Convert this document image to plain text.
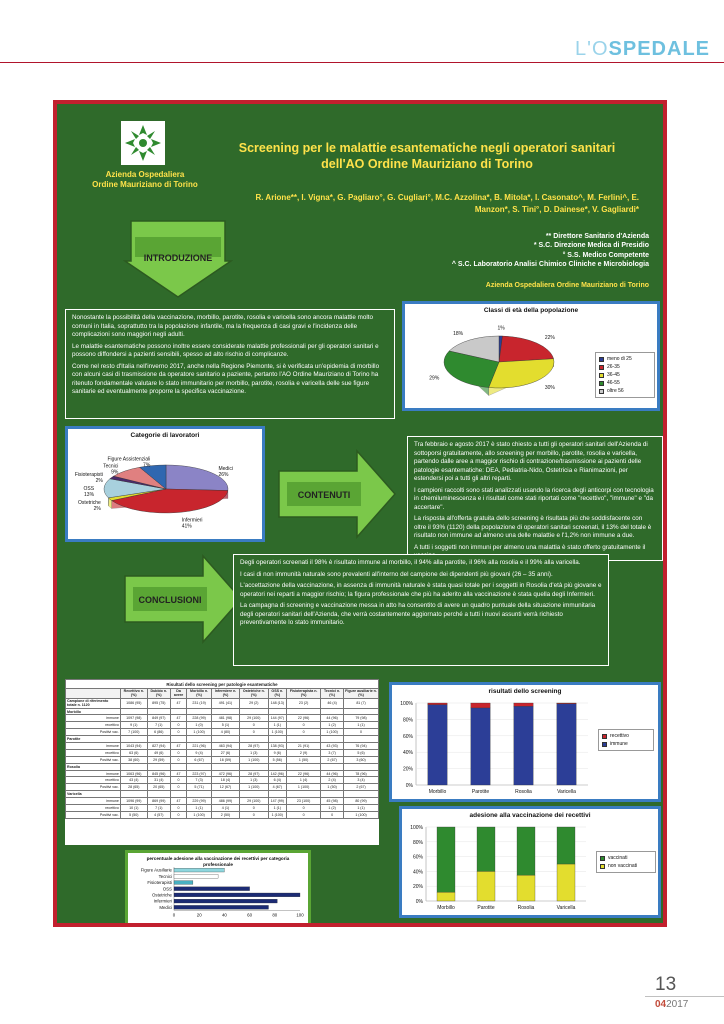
L'OSPEDALE
Azienda Ospedaliera
Ordine Mauriziano di Torino
Screening per le malattie esantematiche negli operatori sanitari
dell'AO Ordine Mauriziano di Torino
R. Arione**, I. Vigna*, G. Pagliaro°, G. Cugliari°, M.C. Azzolina*, B. Mitola*, I. Casonato^, M. Ferlini^, E. Manzon*, S. Tini°, D. Dainese*, V. Gagliardi*
** Direttore Sanitario d'Azienda
* S.C. Direzione Medica di Presidio
° S.S. Medico Competente
^ S.C. Laboratorio Analisi Chimico Cliniche e Microbiologia
Azienda Ospedaliera Ordine Mauriziano di Torino
INTRODUZIONE

Nonostante la possibilità della vaccinazione, morbillo, parotite, rosolia e varicella sono ancora malattie molto comuni in Italia, soprattutto tra la popolazione infantile, ma la frequenza di casi gravi e l'incidenza delle complicazioni sono maggiori negli adulti.

Le malattie esantematiche possono inoltre essere considerate malattie professionali per gli operatori sanitari e possono diffondersi a pazienti sensibili, spesso ad alto rischio di complicanze.

Come nel resto d'Italia nell'inverno 2017, anche nella Regione Piemonte, si è verificata un'epidemia di morbillo con alcuni casi di trasmissione da operatore sanitario a paziente, pertanto l'AO Ordine Mauriziano di Torino ha ritenuto fondamentale valutare lo stato immunitario per morbillo, parotite, rosolia e varicella delle sue figure sanitarie ed eventualmente proporre la specifica vaccinazione.

Classi di età della popolazione
1%
22%
30%
29%
18%
meno di 25
26-35
36-45
46-55
oltre 56
Categorie di lavoratori
Medici
26%
Infermieri
41%
Ostetriche
2%
OSS
13%
Fisioterapisti
2%
Tecnici
9%
Figure Assistenziali
7%
CONTENUTI

Tra febbraio e agosto 2017 è stato chiesto a tutti gli operatori sanitari dell'Azienda di sottoporsi gratuitamente, allo screening per morbillo, parotite, rosolia e varicella, partendo dalle aree a maggior rischio di contrazione/trasmissione ai pazienti delle patologie esantematiche: DEA, Pediatria-Nido, Ostetricia e Rianimazioni, per estendersi poi a tutti gli altri reparti.

I campioni raccolti sono stati analizzati usando la ricerca degli anticorpi con tecnologia in chemiluminescenza e i risultati come stati riportati come "recettivo", "immune" e "da accertare".

La risposta all'offerta gratuita dello screening è risultata più che soddisfacente con oltre il 93% (1120) della popolazione di operatori sanitari screenati, il 13% del totale è risultato non immune ad almeno una delle malattie e l'1,2% non immune a due.

A tutti i soggetti non immuni per almeno una malattia è stato offerto gratuitamente il

CONCLUSIONI

Degli operatori screenati il 98% è risultato immune al morbillo, il 94% alla parotite, il 96% alla rosolia e il 99% alla varicella.

I casi di non immunità naturale sono prevalenti all'interno del campione dei dipendenti più giovani (26 – 35 anni).

L'accettazione della vaccinazione, in assenza di immunità naturale è stata quasi totale per i soggetti in Rosolia d'età più giovane e operatori nei reparti a maggior rischio; la figura professionale che più ha aderito alla vaccinazione è stata quella degli Infermieri.

La campagna di screening e vaccinazione messa in atto ha consentito di avere un quadro puntuale della situazione immunitaria degli operatori sanitari dell'Azienda, che verrà costantemente aggiornato perché a tutti i nuovi assunti verrà richiesto preventivamente lo stato immunitario.

Risultati dello screening per patologie esantematiche										
	Recettivo n. (%)	Dubbio n. (%)	Da avere	Morbillo n. (%)	Infermiere n. (%)	Ostetriche n. (%)	OSS n. (%)	Fisioterapista n. (%)	Tecnici n. (%)	Figure ausiliarie n. (%)
Campione di riferimento totale n. 1120	1086 (95)	895 (75)	47	231 (19)	491 (41)	29 (2)	148 (13)	23 (2)	46 (4)	81 (7)
Morbillo										
immune	1097 (98)	849 (97)	47	228 (99)	481 (98)	29 (100)	144 (97)	22 (96)	44 (96)	79 (98)
recettivo	9 (1)	7 (1)	0	1 (0)	5 (1)	0	1 (1)	0	1 (2)	1 (1)
Positivi vac.	7 (100)	6 (86)	0	1 (100)	4 (80)	0	1 (100)	0	1 (100)	0
Parotite										
immune	1043 (94)	827 (94)	47	221 (96)	463 (94)	28 (97)	138 (93)	21 (91)	43 (93)	76 (94)
recettivo	63 (6)	49 (6)	0	9 (4)	27 (6)	1 (3)	9 (6)	2 (9)	3 (7)	5 (6)
Positivi vac.	38 (60)	29 (59)	0	6 (67)	16 (59)	1 (100)	5 (56)	1 (50)	2 (67)	3 (60)
Rosolia										
immune	1063 (96)	845 (96)	47	223 (97)	472 (96)	28 (97)	142 (96)	22 (96)	44 (96)	78 (96)
recettivo	43 (4)	31 (4)	0	7 (3)	18 (4)	1 (3)	6 (4)	1 (4)	2 (4)	3 (4)
Positivi vac.	28 (65)	20 (65)	0	5 (71)	12 (67)	1 (100)	4 (67)	1 (100)	1 (50)	2 (67)
Varicella										
immune	1096 (99)	869 (99)	47	229 (99)	486 (99)	29 (100)	147 (99)	23 (100)	45 (98)	80 (99)
recettivo	10 (1)	7 (1)	0	1 (1)	4 (1)	0	1 (1)	0	1 (2)	1 (1)
Positivi vac.	5 (50)	4 (57)	0	1 (100)	2 (50)	0	1 (100)	0	0	1 (100)
risultati dello screening
0%
20%
40%
60%
80%
100%
Morbillo	Parotite	Rosolia	Varicella
recettivo
immune
adesione alla vaccinazione dei recettivi
0%
20%
40%
60%
80%
100%
Morbillo	Parotite	Rosolia	Varicella
vaccinati
non vaccinati
percentuale adesione alla vaccinazione dei recettivi per categoria professionale
Figure Ausiliarie
Tecnici
Fisioterapisti
OSS
Ostetriche
Infermieri
Medici
0	20	40	60	80	100
13
042017
